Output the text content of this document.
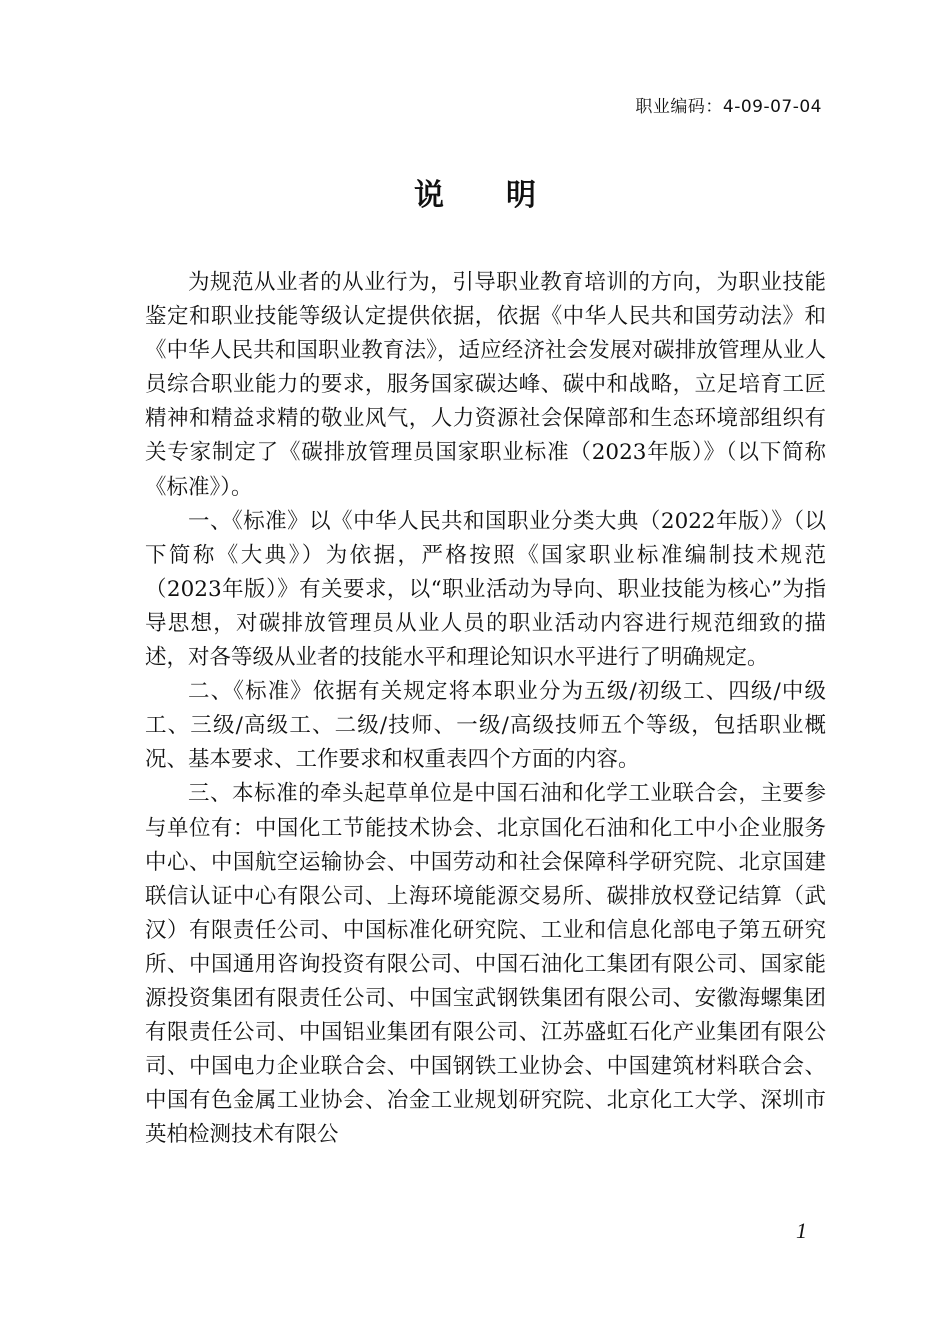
职业编码：4-09-07-04
说明

为规范从业者的从业行为，引导职业教育培训的方向，为职业技能鉴定和职业技能等级认定提供依据，依据《中华人民共和国劳动法》和《中华人民共和国职业教育法》，适应经济社会发展对碳排放管理从业人员综合职业能力的要求，服务国家碳达峰、碳中和战略，立足培育工匠精神和精益求精的敬业风气，人力资源社会保障部和生态环境部组织有关专家制定了《碳排放管理员国家职业标准（2023年版）》（以下简称《标准》）。

一、《标准》以《中华人民共和国职业分类大典（2022年版）》（以下简称《大典》）为依据，严格按照《国家职业标准编制技术规范（2023年版）》有关要求，以“职业活动为导向、职业技能为核心”为指导思想，对碳排放管理员从业人员的职业活动内容进行规范细致的描述，对各等级从业者的技能水平和理论知识水平进行了明确规定。

二、《标准》依据有关规定将本职业分为五级/初级工、四级/中级工、三级/高级工、二级/技师、一级/高级技师五个等级，包括职业概况、基本要求、工作要求和权重表四个方面的内容。

三、本标准的牵头起草单位是中国石油和化学工业联合会，主要参与单位有：中国化工节能技术协会、北京国化石油和化工中小企业服务中心、中国航空运输协会、中国劳动和社会保障科学研究院、北京国建联信认证中心有限公司、上海环境能源交易所、碳排放权登记结算（武汉）有限责任公司、中国标准化研究院、工业和信息化部电子第五研究所、中国通用咨询投资有限公司、中国石油化工集团有限公司、国家能源投资集团有限责任公司、中国宝武钢铁集团有限公司、安徽海螺集团有限责任公司、中国铝业集团有限公司、江苏盛虹石化产业集团有限公司、中国电力企业联合会、中国钢铁工业协会、中国建筑材料联合会、中国有色金属工业协会、冶金工业规划研究院、北京化工大学、深圳市英柏检测技术有限公

1
